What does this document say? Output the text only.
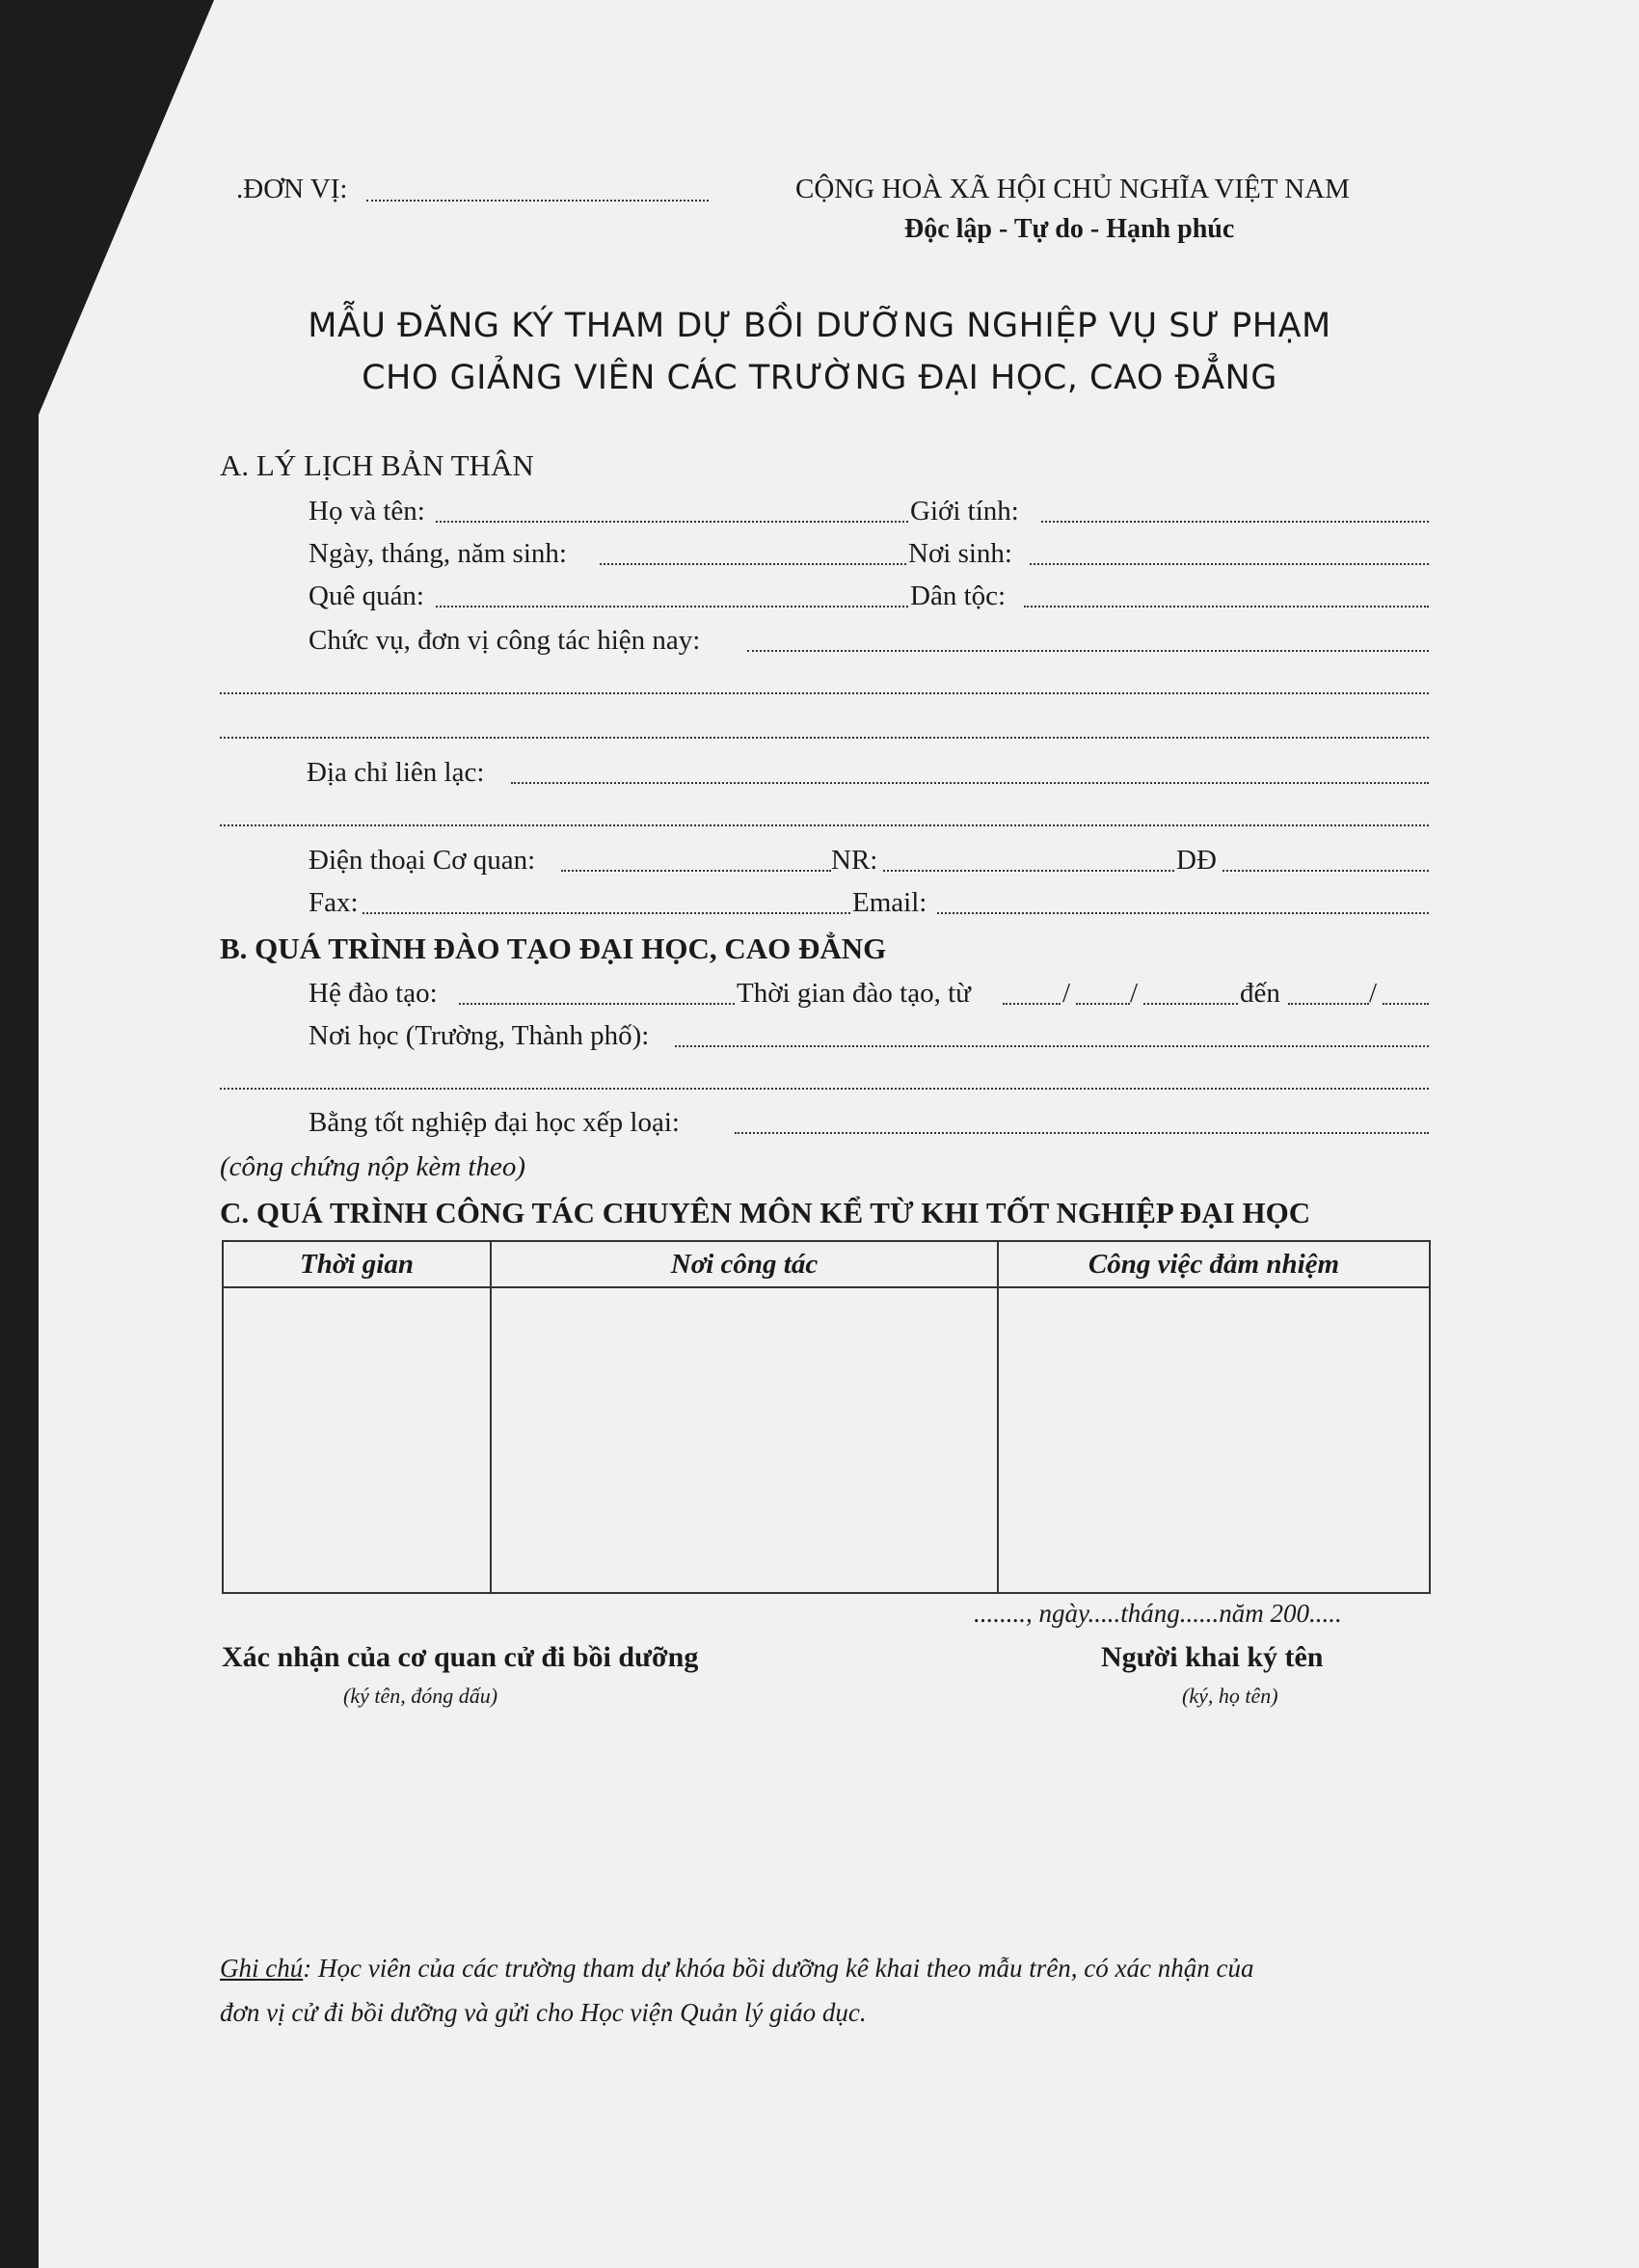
.ĐƠN VỊ:	CỘNG HOÀ XÃ HỘI CHỦ NGHĨA VIỆT NAM
Độc lập - Tự do - Hạnh phúc
MẪU ĐĂNG KÝ THAM DỰ BỒI DƯỠNG NGHIỆP VỤ SƯ PHẠM
CHO GIẢNG VIÊN CÁC TRƯỜNG ĐẠI HỌC, CAO ĐẲNG
A. LÝ LỊCH BẢN THÂN
Họ và tên:	Giới tính:
Ngày, tháng, năm sinh:	Nơi sinh:
Quê quán:	Dân tộc:
Chức vụ, đơn vị công tác hiện nay:
Địa chỉ liên lạc:
Điện thoại Cơ quan:	NR:	DĐ
Fax:	Email:
B. QUÁ TRÌNH ĐÀO TẠO ĐẠI HỌC, CAO ĐẲNG
Hệ đào tạo:	Thời gian đào tạo, từ	/ /	đến	/
Nơi học (Trường, Thành phố):
Bằng tốt nghiệp đại học xếp loại:
(công chứng nộp kèm theo)
C. QUÁ TRÌNH CÔNG TÁC CHUYÊN MÔN KỂ TỪ KHI TỐT NGHIỆP ĐẠI HỌC
Thời gian	Nơi công tác	Công việc đảm nhiệm

........, ngày.....tháng......năm 200.....
Xác nhận của cơ quan cử đi bồi dưỡng
(ký tên, đóng dấu)
Người khai ký tên
(ký, họ tên)
Ghi chú: Học viên của các trường tham dự khóa bồi dưỡng kê khai theo mẫu trên, có xác nhận của
đơn vị cử đi bồi dưỡng và gửi cho Học viện Quản lý giáo dục.
